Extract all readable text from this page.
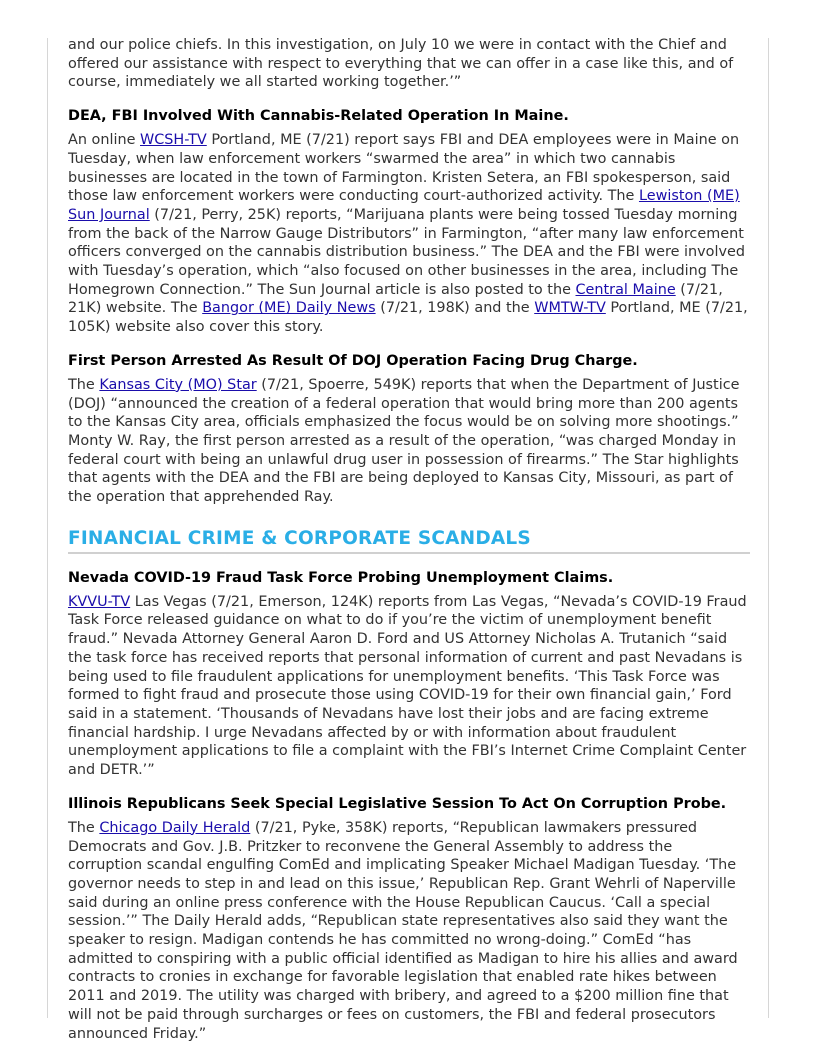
and our police chiefs. In this investigation, on July 10 we were in contact with the Chief and offered our assistance with respect to everything that we can offer in a case like this, and of course, immediately we all started working together.’”

DEA, FBI Involved With Cannabis-Related Operation In Maine.

An online WCSH-TV Portland, ME (7/21) report says FBI and DEA employees were in Maine on Tuesday, when law enforcement workers “swarmed the area” in which two cannabis businesses are located in the town of Farmington. Kristen Setera, an FBI spokesperson, said those law enforcement workers were conducting court-authorized activity. The Lewiston (ME) Sun Journal (7/21, Perry, 25K) reports, “Marijuana plants were being tossed Tuesday morning from the back of the Narrow Gauge Distributors” in Farmington, “after many law enforcement officers converged on the cannabis distribution business.” The DEA and the FBI were involved with Tuesday’s operation, which “also focused on other businesses in the area, including The Homegrown Connection.” The Sun Journal article is also posted to the Central Maine (7/21, 21K) website. The Bangor (ME) Daily News (7/21, 198K) and the WMTW-TV Portland, ME (7/21, 105K) website also cover this story.

First Person Arrested As Result Of DOJ Operation Facing Drug Charge.

The Kansas City (MO) Star (7/21, Spoerre, 549K) reports that when the Department of Justice (DOJ) “announced the creation of a federal operation that would bring more than 200 agents to the Kansas City area, officials emphasized the focus would be on solving more shootings.” Monty W. Ray, the first person arrested as a result of the operation, “was charged Monday in federal court with being an unlawful drug user in possession of firearms.” The Star highlights that agents with the DEA and the FBI are being deployed to Kansas City, Missouri, as part of the operation that apprehended Ray.

FINANCIAL CRIME & CORPORATE SCANDALS

Nevada COVID-19 Fraud Task Force Probing Unemployment Claims.

KVVU-TV Las Vegas (7/21, Emerson, 124K) reports from Las Vegas, “Nevada’s COVID-19 Fraud Task Force released guidance on what to do if you’re the victim of unemployment benefit fraud.” Nevada Attorney General Aaron D. Ford and US Attorney Nicholas A. Trutanich “said the task force has received reports that personal information of current and past Nevadans is being used to file fraudulent applications for unemployment benefits. ‘This Task Force was formed to fight fraud and prosecute those using COVID-19 for their own financial gain,’ Ford said in a statement. ‘Thousands of Nevadans have lost their jobs and are facing extreme financial hardship. I urge Nevadans affected by or with information about fraudulent unemployment applications to file a complaint with the FBI’s Internet Crime Complaint Center and DETR.’”

Illinois Republicans Seek Special Legislative Session To Act On Corruption Probe.

The Chicago Daily Herald (7/21, Pyke, 358K) reports, “Republican lawmakers pressured Democrats and Gov. J.B. Pritzker to reconvene the General Assembly to address the corruption scandal engulfing ComEd and implicating Speaker Michael Madigan Tuesday. ‘The governor needs to step in and lead on this issue,’ Republican Rep. Grant Wehrli of Naperville said during an online press conference with the House Republican Caucus. ‘Call a special session.’” The Daily Herald adds, “Republican state representatives also said they want the speaker to resign. Madigan contends he has committed no wrong-doing.” ComEd “has admitted to conspiring with a public official identified as Madigan to hire his allies and award contracts to cronies in exchange for favorable legislation that enabled rate hikes between 2011 and 2019. The utility was charged with bribery, and agreed to a $200 million fine that will not be paid through surcharges or fees on customers, the FBI and federal prosecutors announced Friday.”
